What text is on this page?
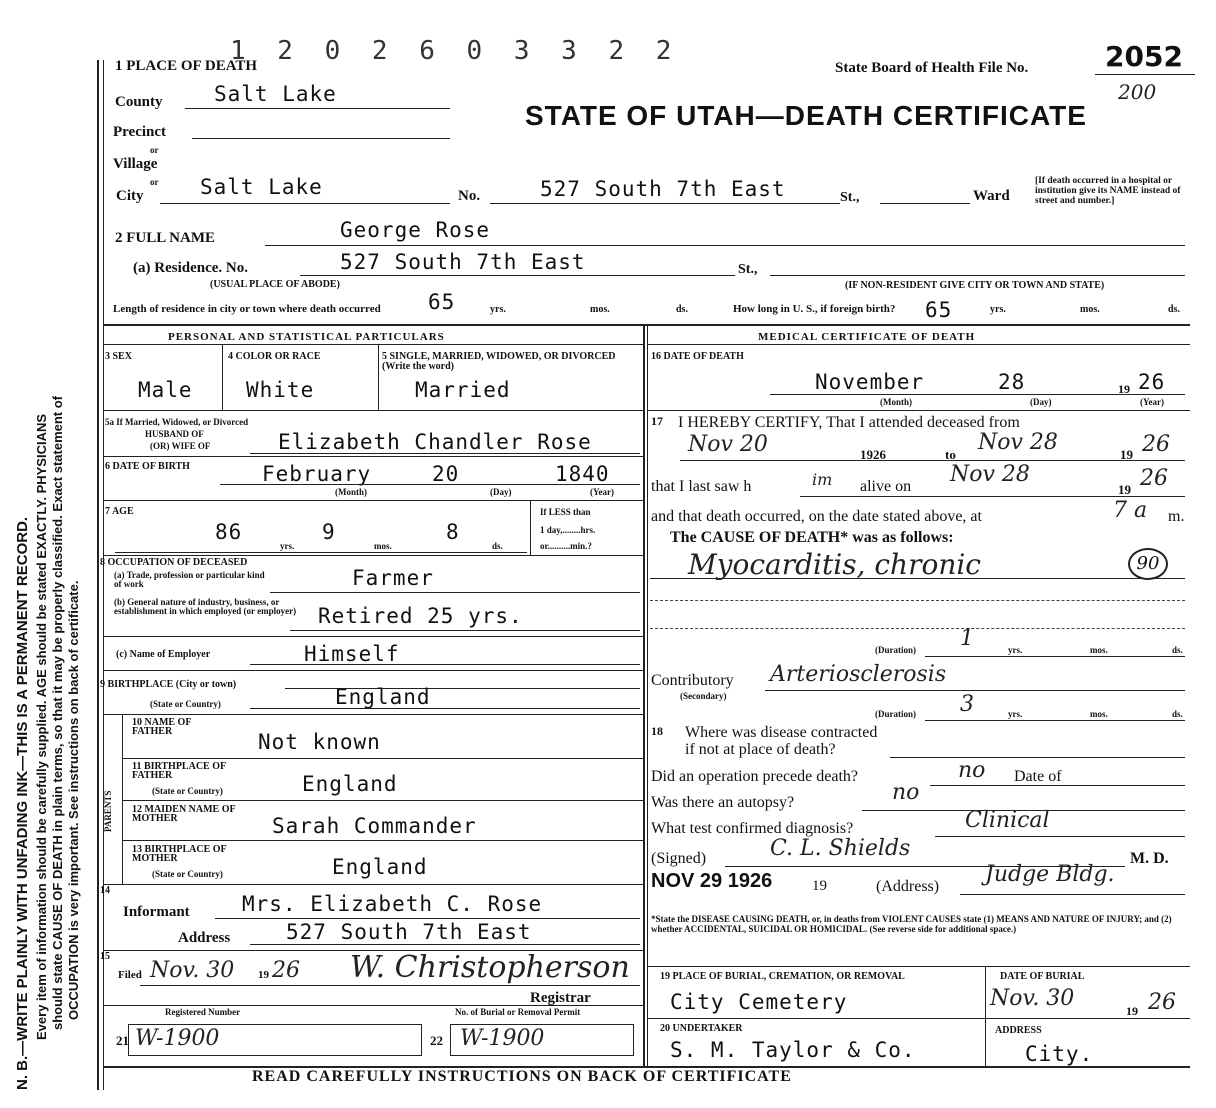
N. B.—WRITE PLAINLY WITH UNFADING INK—THIS IS A PERMANENT RECORD. Every item of information should be carefully supplied. AGE should be stated EXACTLY. PHYSICIANS should state CAUSE OF DEATH in plain terms, so that it may be properly classified. Exact statement of OCCUPATION is very important. See instructions on back of certificate.
1 2 0 2 6 0 3 3 2 2
State Board of Health File No.	2052
200
STATE OF UTAH—DEATH CERTIFICATE
1 PLACE OF DEATH
County Salt Lake
Precinct
or
Village
or
City	Salt Lake	No.	527 South 7th East	St.,	Ward
[If death occurred in a hospital or institution give its NAME instead of street and number.]
2 FULL NAME	George Rose
(a) Residence. No.	527 South 7th East	St.,
(USUAL PLACE OF ABODE)	(IF NON-RESIDENT GIVE CITY OR TOWN AND STATE)
Length of residence in city or town where death occurred 65	yrs.	mos.	ds.	How long in U. S., if foreign birth? 65	yrs.	mos.	ds.
PERSONAL AND STATISTICAL PARTICULARS
3 SEX
Male
4 COLOR OR RACE
White
5 SINGLE, MARRIED, WIDOWED, OR DIVORCED (Write the word)
Married
5a If Married, Widowed, or Divorced
HUSBAND OF
(OR) WIFE OF	Elizabeth Chandler Rose
6 DATE OF BIRTH	February	20	1840
(Month)	(Day)	(Year)
7 AGE
86
yrs.
9
mos.
8
ds.
If LESS than
1 day,........hrs.
or..........min.?
8 OCCUPATION OF DECEASED
(a) Trade, profession or particular kind of work	Farmer
(b) General nature of industry, business, or establishment in which employed (or employer) Retired 25 yrs.
(c) Name of Employer	Himself
9 BIRTHPLACE (City or town)
(State or Country)	England
PARENTS
10 NAME OF FATHER	Not known
11 BIRTHPLACE OF FATHER
(State or Country)	England
12 MAIDEN NAME OF MOTHER	Sarah Commander
13 BIRTHPLACE OF MOTHER
(State or Country)	England
14
Informant Mrs. Elizabeth C. Rose
Address	527 South 7th East
15
Filed Nov. 30 19 26 W. Christopherson
Registrar
Registered Number	No. of Burial or Removal Permit
21 W-1900	22 W-1900
MEDICAL CERTIFICATE OF DEATH
16 DATE OF DEATH
November	28	19 26
(Month)	(Day)	(Year)
17 I HEREBY CERTIFY, That I attended deceased from
Nov 20	1926	to Nov 28	19 26
that I last saw h	im alive on Nov 28
19 26
and that death occurred, on the date stated above, at	7 a m.
The CAUSE OF DEATH* was as follows:
Myocarditis, chronic	90
(Duration) 1	yrs.	mos.	ds.
Contributory
(Secondary)
Arteriosclerosis
(Duration) 3	yrs.	mos.	ds.
18 Where was disease contracted
if not at place of death?
Did an operation precede death?	no Date of
Was there an autopsy?	no
What test confirmed diagnosis?	Clinical
(Signed)	C. L. Shields	M. D.
NOV 29 1926	19	(Address) Judge Bldg.
*State the DISEASE CAUSING DEATH, or, in deaths from VIOLENT CAUSES state (1) MEANS AND NATURE OF INJURY; and (2) whether ACCIDENTAL, SUICIDAL OR HOMICIDAL. (See reverse side for additional space.)
19 PLACE OF BURIAL, CREMATION, OR REMOVAL
City Cemetery
DATE OF BURIAL
Nov. 30	19 26
20 UNDERTAKER
S. M. Taylor & Co.
ADDRESS
City.
READ CAREFULLY INSTRUCTIONS ON BACK OF CERTIFICATE
